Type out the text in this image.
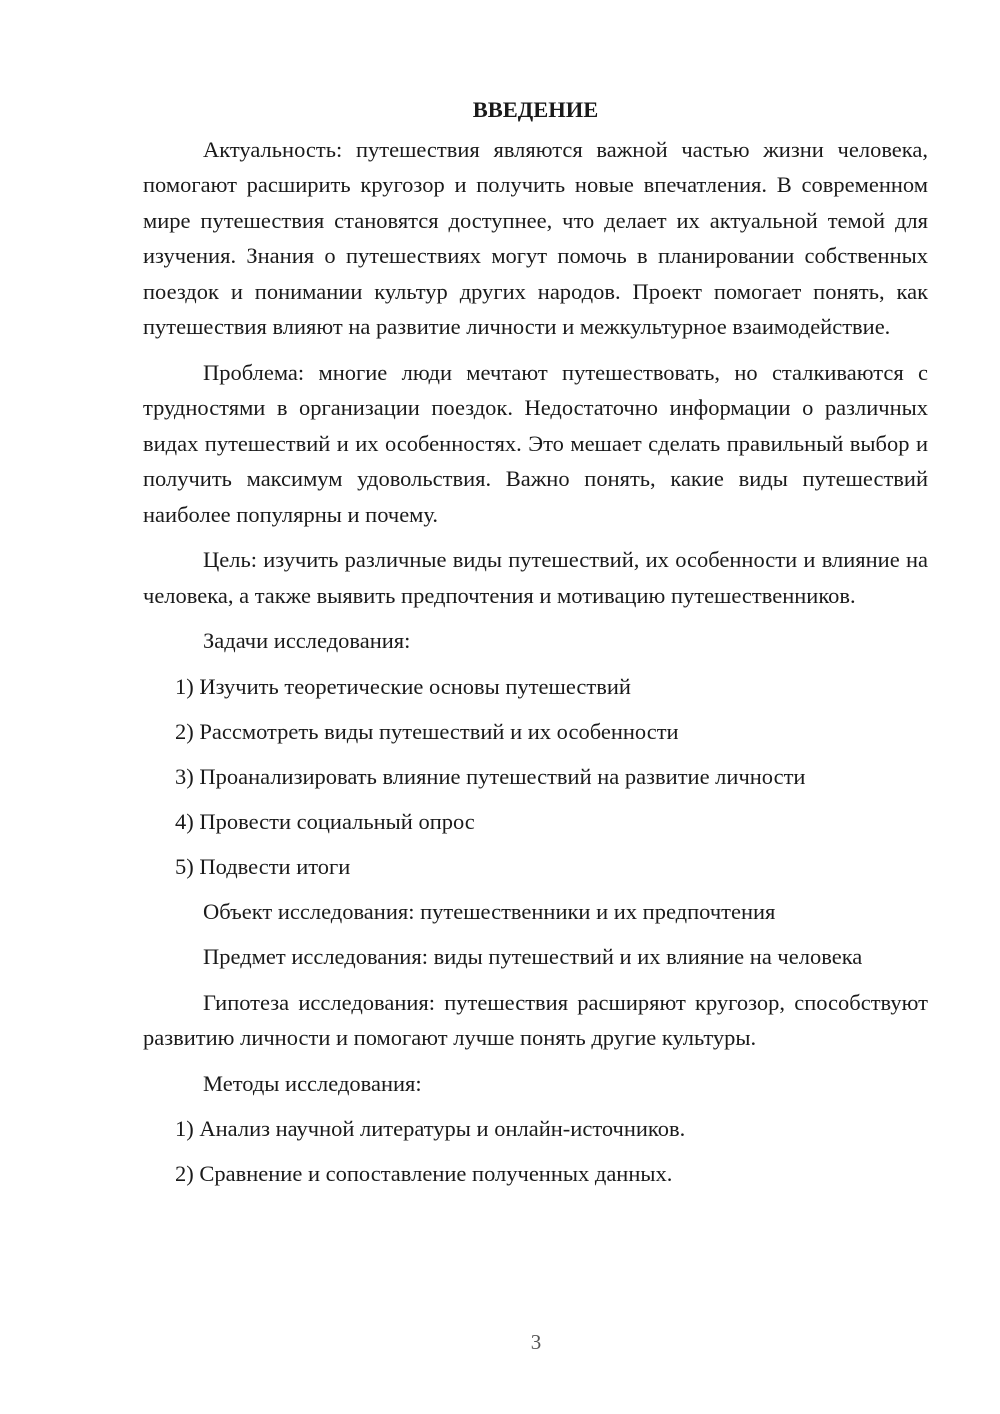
ВВЕДЕНИЕ

Актуальность: путешествия являются важной частью жизни человека, помогают расширить кругозор и получить новые впечатления. В современном мире путешествия становятся доступнее, что делает их актуальной темой для изучения. Знания о путешествиях могут помочь в планировании собственных поездок и понимании культур других народов. Проект помогает понять, как путешествия влияют на развитие личности и межкультурное взаимодействие.

Проблема: многие люди мечтают путешествовать, но сталкиваются с трудностями в организации поездок. Недостаточно информации о различных видах путешествий и их особенностях. Это мешает сделать правильный выбор и получить максимум удовольствия. Важно понять, какие виды путешествий наиболее популярны и почему.

Цель: изучить различные виды путешествий, их особенности и влияние на человека, а также выявить предпочтения и мотивацию путешественников.

Задачи исследования:

1) Изучить теоретические основы путешествий
2) Рассмотреть виды путешествий и их особенности
3) Проанализировать влияние путешествий на развитие личности
4) Провести социальный опрос
5) Подвести итоги

Объект исследования: путешественники и их предпочтения

Предмет исследования: виды путешествий и их влияние на человека

Гипотеза исследования: путешествия расширяют кругозор, способствуют развитию личности и помогают лучше понять другие культуры.

Методы исследования:

1) Анализ научной литературы и онлайн-источников.
2) Сравнение и сопоставление полученных данных.
3
